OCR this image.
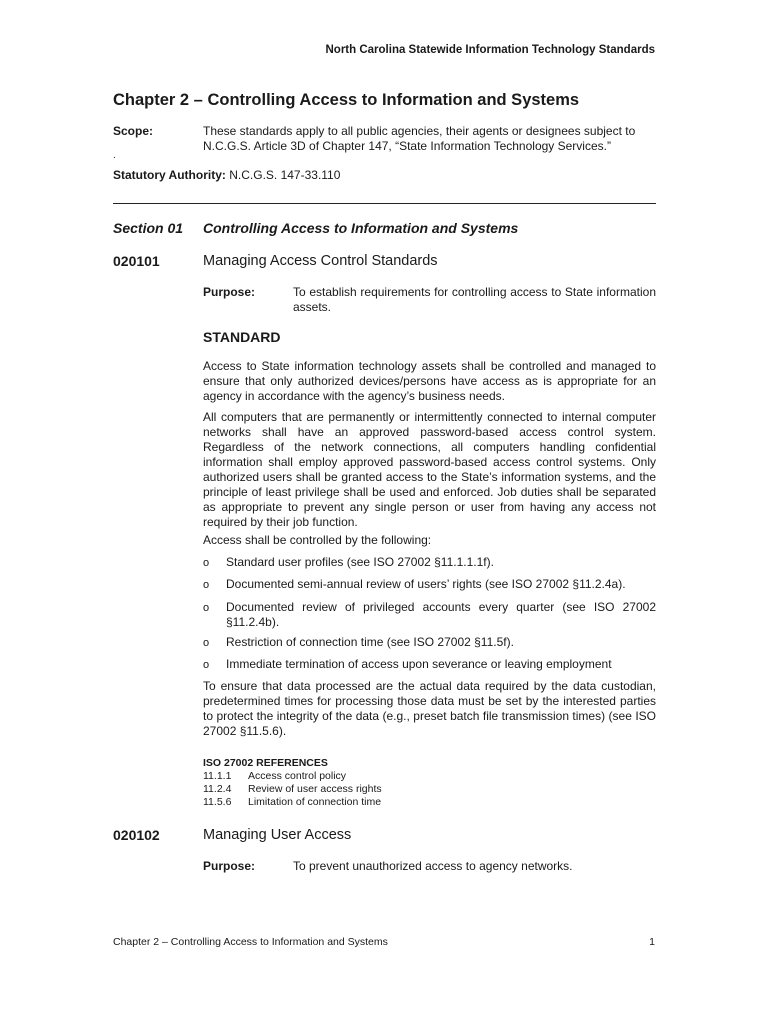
North Carolina Statewide Information Technology Standards
Chapter 2 – Controlling Access to Information and Systems
Scope:	These standards apply to all public agencies, their agents or designees subject to N.C.G.S. Article 3D of Chapter 147, “State Information Technology Services.”
.
Statutory Authority: N.C.G.S. 147-33.110
Section 01 Controlling Access to Information and Systems
020101	Managing Access Control Standards
Purpose:	To establish requirements for controlling access to State information assets.
STANDARD

Access to State information technology assets shall be controlled and managed to ensure that only authorized devices/persons have access as is appropriate for an agency in accordance with the agency’s business needs.

All computers that are permanently or intermittently connected to internal computer networks shall have an approved password-based access control system. Regardless of the network connections, all computers handling confidential information shall employ approved password-based access control systems. Only authorized users shall be granted access to the State’s information systems, and the principle of least privilege shall be used and enforced. Job duties shall be separated as appropriate to prevent any single person or user from having any access not required by their job function.

Access shall be controlled by the following:

o Standard user profiles (see ISO 27002 §11.1.1.1f).
o Documented semi-annual review of users’ rights (see ISO 27002 §11.2.4a).
o Documented review of privileged accounts every quarter (see ISO 27002 §11.2.4b).
o Restriction of connection time (see ISO 27002 §11.5f).
o Immediate termination of access upon severance or leaving employment

To ensure that data processed are the actual data required by the data custodian, predetermined times for processing those data must be set by the interested parties to protect the integrity of the data (e.g., preset batch file transmission times) (see ISO 27002 §11.5.6).

ISO 27002 REFERENCES
11.1.1 Access control policy
11.2.4 Review of user access rights
11.5.6 Limitation of connection time
020102	Managing User Access
Purpose:	To prevent unauthorized access to agency networks.
Chapter 2 – Controlling Access to Information and Systems	1
